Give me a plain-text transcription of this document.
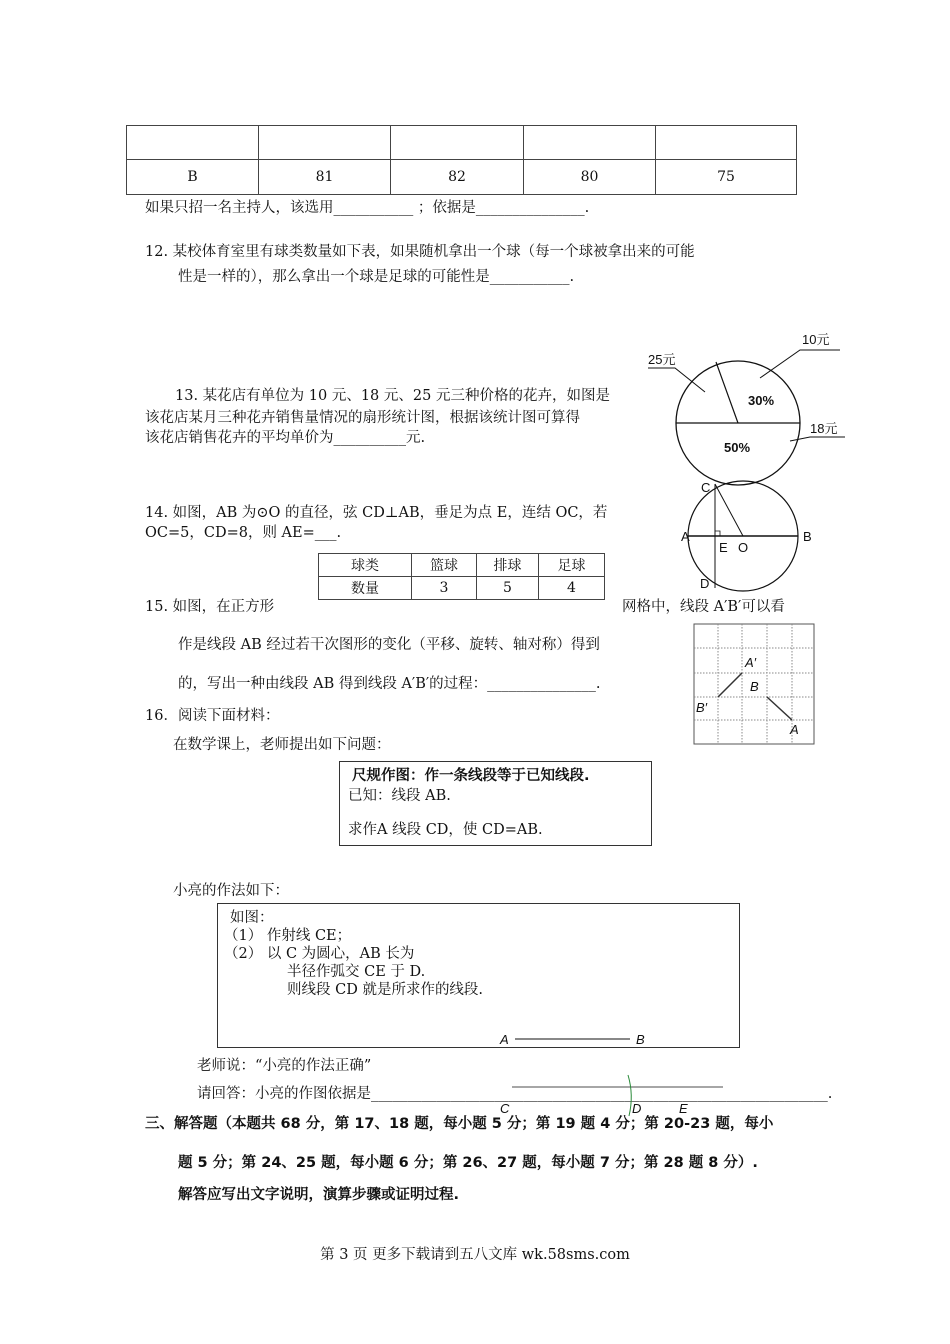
B	81	82	80	75
如果只招一名主持人，该选用___________ ；依据是_______________.
12. 某校体育室里有球类数量如下表，如果随机拿出一个球（每一个球被拿出来的可能
性是一样的），那么拿出一个球是足球的可能性是___________.
13. 某花店有单位为 10 元、18 元、25 元三种价格的花卉，如图是
该花店某月三种花卉销售量情况的扇形统计图，根据该统计图可算得
该花店销售花卉的平均单价为__________元.
25元
10元
18元
30%
50%
14. 如图，AB 为⊙O 的直径，弦 CD⊥AB，垂足为点 E，连结 OC，若
OC=5，CD=8，则 AE=___.
C
A	B
E O
D
球类	篮球	排球	足球
数量	3	5	4
15. 如图，在正方形	网格中，线段 A′B′可以看
作是线段 AB 经过若干次图形的变化（平移、旋转、轴对称）得到
的，写出一种由线段 AB 得到线段 A′B′的过程：_______________.
A′
B′
B
A
16．阅读下面材料：
在数学课上，老师提出如下问题：
尺规作图：作一条线段等于已知线段.
已知：线段 AB.
求作A 线段 CD，使 CD=AB.
小亮的作法如下：
如图：
（1） 作射线 CE；
（2） 以 C 为圆心，AB 长为
半径作弧交 CE 于 D.
则线段 CD 就是所求作的线段.
A	B
老师说：“小亮的作法正确”
请回答：小亮的作图依据是_______________________________________________________________.
C	D	E
三、解答题（本题共 68 分，第 17、18 题，每小题 5 分；第 19 题 4 分；第 20-23 题，每小
题 5 分；第 24、25 题，每小题 6 分；第 26、27 题，每小题 7 分；第 28 题 8 分）.
解答应写出文字说明，演算步骤或证明过程.
第 3 页 更多下载请到五八文库 wk.58sms.com
